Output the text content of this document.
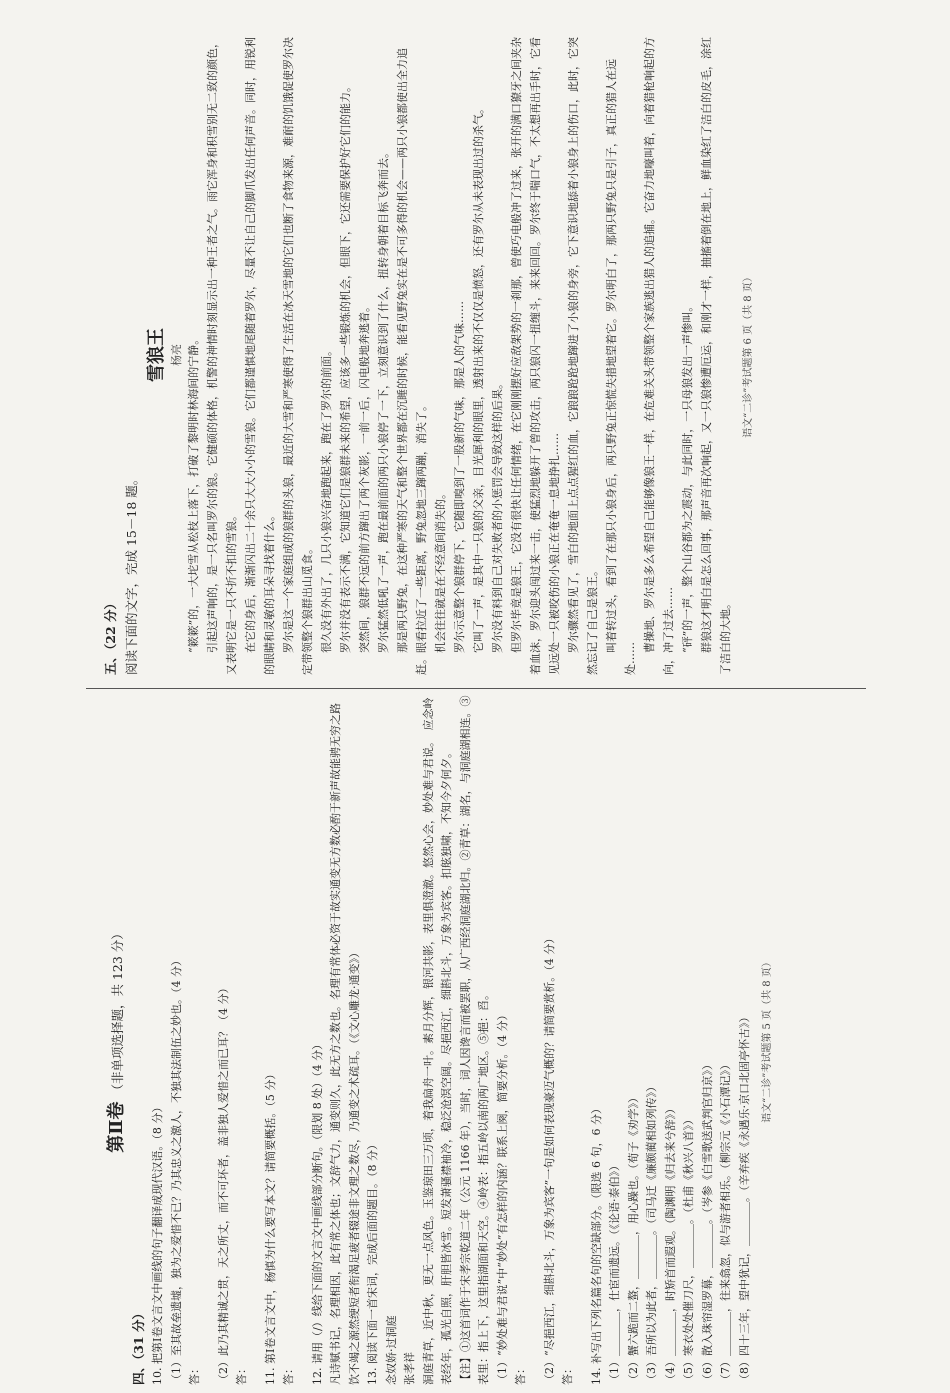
五、（22 分） 阅读下面的文字，完成 15－18 题。
雪狼王 杨亮 “簌簌”的，一大坨雪从松枝上落下，打破了黎明时林海间的宁静。 引起这声响的，是一只名叫罗尔的狼。它健硕的体格，机警的神情时刻显示出一种王者之气。雨它浑身和积雪别无二致的颜色，又表明它是一只不折不扣的雪狼。 在它的身后，渐渐闪出二十余只大大小小的雪狼。它们都谨慎地尾随着罗尔，尽量不让自己的脚爪发出任何声音。同时，用锐利的眼睛和灵敏的耳朵寻找着什么。 罗尔是这一个家庭组成的狼群的头狼，最近的大雪和严寒使得了生活在冰天雪地的它们也断了食物来源，难耐的饥饿促使罗尔决定带领整个狼群出山觅食。 很久没有外出了，几只小狼兴奋地跑起来，跑在了罗尔的前面。 罗尔并没有表示不满，它知道它们是狼群未来的希望，应该多一些锻炼的机会，但眼下，它还需要保护好它们的能力。 突然间，狼群不远的前方蹿出了两个灰影，一前一后，闪电般地奔逃着。 罗尔猛然低吼了一声，跑在最前面的两只小狼停了一下，立刻意识到了什么，扭转身朝着目标飞奔而去。 那是两只野兔，在这种严寒的天气和整个世界都在沉睡的时候，能看见野兔实在是不可多得的机会——两只小狼都使出全力追赶。眼看拉近了一些距离，野兔忽地三蹿两蹦，消失了。 机会往往就是在不经意间消失的。 罗尔示意整个狼群停下，它随即嗅到了一股新的气味，那是人的气味…… 它叫了一声，是其中一只狼的父亲，目光犀利的眼里，透射出来的不仅仅是愤怒，还有罗尔从未表现出过的杀气。 罗尔没有料到自己对失败者的小惩罚会导致这样的后果。 但罗尔毕竟是狼王，它没有很快让任何情绪，在它刚刚摆好应敌架势的一刹那，曾使巧电般冲了过来，张开的满口獠牙之间夹杂着血沫，罗尔迎头闯过来一击，使猛烈地躲开了曾的攻击，两只狼闪一扭缠斗，来来回回。罗尔终于喘口气，不太想再出手时，它看见远处一只被咬伤的小狼正在奄奄一息地挣扎…… 罗尔骤然看见了，雪白的地面上点点猩红的血，它踉踉跄跄地蹿进了小狼的身旁，它下意识地舔着小狼身上的伤口，此时，它突然忘记了自己是狼王。 叫着转过头，看到了在那只小狼身后，两只野兔正惊慌失措地望着它。罗尔明白了，那两只野兔只是引子，真正的猎人在远处……
曹操地、罗尔是多么希望自己能够像狼王一样，在危难关头带领整个家族逃出猎人的追捕。它奋力地嚎叫着，向着猎枪响起的方向，冲了过去…… “砰”的一声，整个山谷都为之震动，与此同时，一只母狼发出一声惨叫。 群狼这才明白是怎么回事，那声音再次响起，又一只狼惨遭厄运，和刚才一样，抽搐着倒在地上，鲜血染红了洁白的皮毛，涂红了洁白的大地。
语文“二诊”考试题第 6 页（共 8 页）
第Ⅱ卷 （非单项选择题，共 123 分）
四、（31 分） 10. 把第Ⅰ卷文言文中画线的句子翻译成现代汉语。（8 分） （1）至其故垒遗墟，独为之爱惜不已？乃其忠义之激人，不独其法制伍之妙也。（4 分） 答：	（2）此乃其精诚之贯，天之所丈，而不可坏者，盖非独人爱惜之而已耳？（4 分） 答：	11. 第Ⅰ卷文言文中，杨慎为什么要写本文？请简要概括。（5 分） 答：	12. 请用（/）线给下面的文言文中画线部分断句。（限划 8 处）（4 分） 凡诗赋书记，名理相因，此有常之体也；文辞气力，通变则久，此无方之数也。名理有常体必资于故实通变无方数必酌于新声故能骋无穷之路饮不竭之源然绠短者衔渴足疲者辍途非文理之数尽，乃通变之术疏耳。（《文心雕龙·通变》） 13. 阅读下面一首宋词，完成后面的题目。（8 分） 念奴娇·过洞庭 张孝祥 洞庭青草，近中秋，更无一点风色。玉鉴琼田三万顷，着我扁舟一叶。素月分辉，银河共影，表里俱澄澈。悠然心会，妙处难与君说。　应念岭表经年，孤光自照，肝胆皆冰雪。短发萧骚襟袖冷，稳泛沧溟空阔。尽挹西江，细斟北斗，万象为宾客。扣舷独啸，不知今夕何夕。 【注】①这首词作于宋孝宗乾道二年（公元 1166 年），当时，词人因谗言而被罢职，从广西经洞庭湖北归。②青草：湖名，与洞庭湖相连。③表里：指上下，这里指湖面和天空。④岭表：指五岭以南的两广地区。⑤挹：舀。 （1）“妙处难与君说”中“妙处”有怎样的内涵？联系上阕，简要分析。（4 分） 答：	（2）“尽挹西江，细斟北斗，万象为宾客”一句是如何表现豪迈气概的？请简要赏析。（4 分） 答：	14. 补写出下列名篇名句的空缺部分。（限选 6 句，6 分） （1）＿＿＿＿，仕宦而遗远。（《论语·泰伯》） （2）蟹六跪而二螯，＿＿＿＿，用心躁也。（荀子《劝学》） （3）吾所以为此者，＿＿＿＿。（司马迁《廉颇蔺相如列传》） （4）＿＿＿＿，时矫首而遐观。（陶渊明《归去来兮辞》） （5）寒衣处处催刀尺，＿＿＿＿。（杜甫《秋兴八首》） （6）散入珠帘湿罗幕，＿＿＿＿。（岑参《白雪歌送武判官归京》） （7）＿＿＿＿，往来翕忽，似与游者相乐。（柳宗元《小石潭记》） （8）四十三年，望中犹记，＿＿＿＿。（辛弃疾《永遇乐·京口北固亭怀古》）	语文“二诊”考试题第 5 页（共 8 页）
